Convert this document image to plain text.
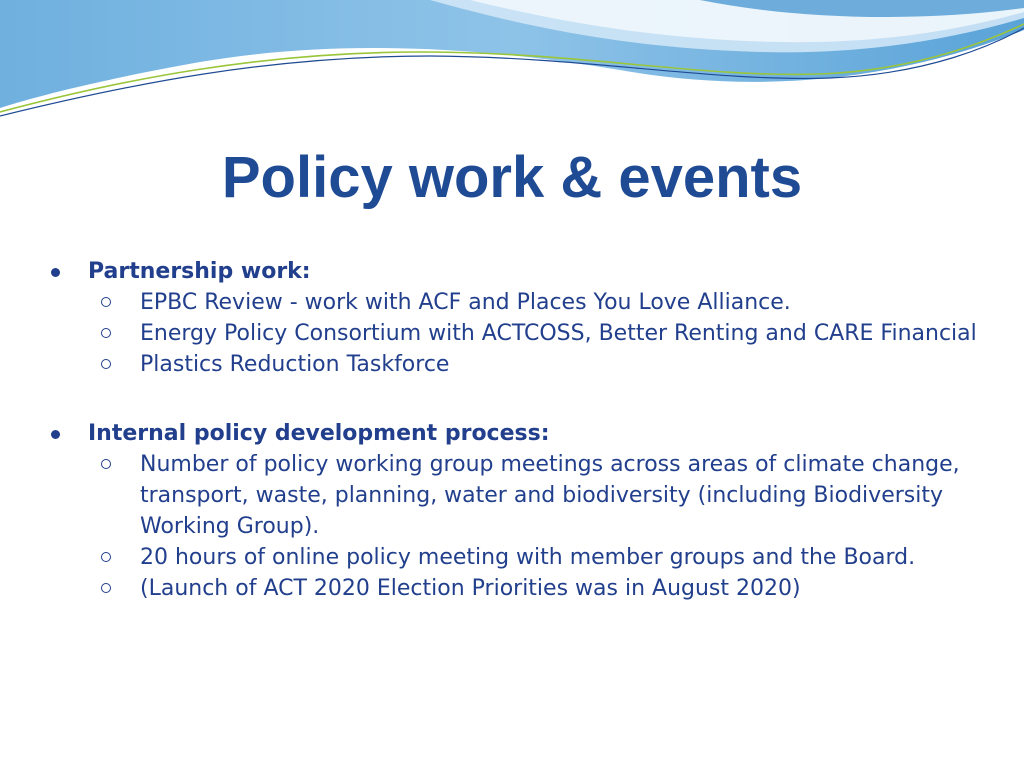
Policy work & events
Partnership work:
EPBC Review - work with ACF and Places You Love Alliance.
Energy Policy Consortium with ACTCOSS, Better Renting and CARE Financial
Plastics Reduction Taskforce
Internal policy development process:
Number of policy working group meetings across areas of climate change, transport, waste, planning, water and biodiversity (including Biodiversity Working Group).
20 hours of online policy meeting with member groups and the Board.
(Launch of ACT 2020 Election Priorities was in August 2020)
